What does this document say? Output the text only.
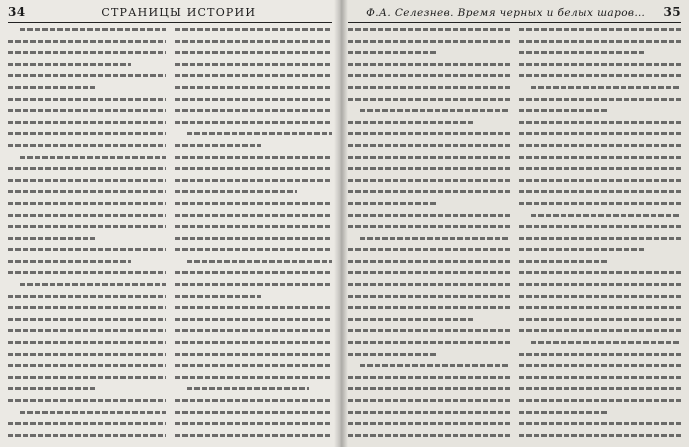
34	СТРАНИЦЫ ИСТОРИИ	Ф.А. Селезнев. Время черных и белых шаров…	35
